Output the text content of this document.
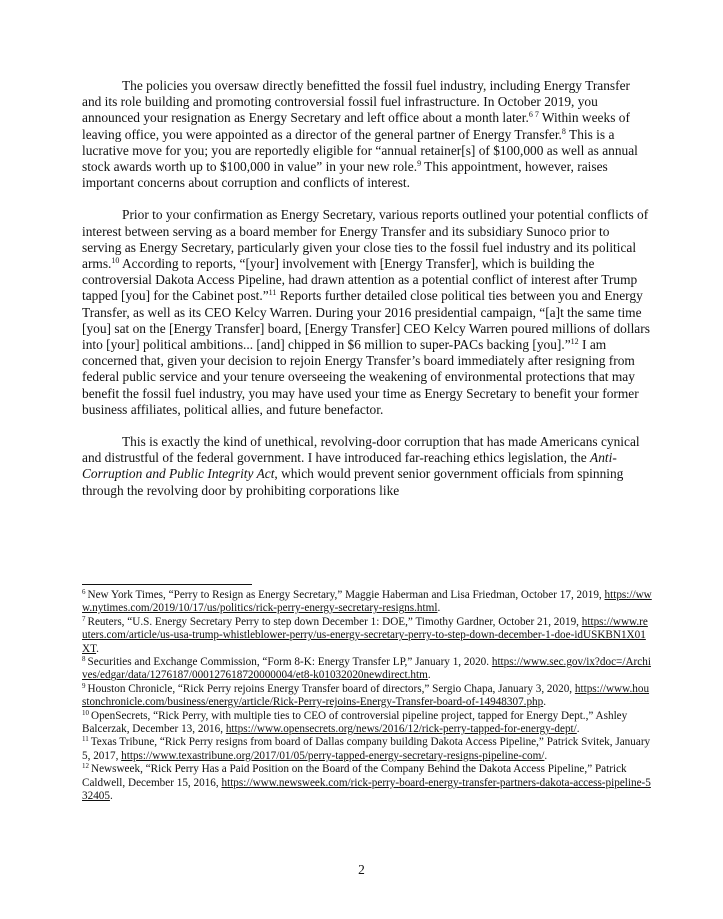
The policies you oversaw directly benefitted the fossil fuel industry, including Energy Transfer and its role building and promoting controversial fossil fuel infrastructure. In October 2019, you announced your resignation as Energy Secretary and left office about a month later.$^{6 7}$ Within weeks of leaving office, you were appointed as a director of the general partner of Energy Transfer.$^8$ This is a lucrative move for you; you are reportedly eligible for “annual retainer[s] of $100,000 as well as annual stock awards worth up to $100,000 in value” in your new role.$^9$ This appointment, however, raises important concerns about corruption and conflicts of interest.

Prior to your confirmation as Energy Secretary, various reports outlined your potential conflicts of interest between serving as a board member for Energy Transfer and its subsidiary Sunoco prior to serving as Energy Secretary, particularly given your close ties to the fossil fuel industry and its political arms.$^{10}$ According to reports, “[your] involvement with [Energy Transfer], which is building the controversial Dakota Access Pipeline, had drawn attention as a potential conflict of interest after Trump tapped [you] for the Cabinet post.”$^{11}$ Reports further detailed close political ties between you and Energy Transfer, as well as its CEO Kelcy Warren. During your 2016 presidential campaign, “[a]t the same time [you] sat on the [Energy Transfer] board, [Energy Transfer] CEO Kelcy Warren poured millions of dollars into [your] political ambitions... [and] chipped in $6 million to super-PACs backing [you].”$^{12}$ I am concerned that, given your decision to rejoin Energy Transfer’s board immediately after resigning from federal public service and your tenure overseeing the weakening of environmental protections that may benefit the fossil fuel industry, you may have used your time as Energy Secretary to benefit your former business affiliates, political allies, and future benefactor.

This is exactly the kind of unethical, revolving-door corruption that has made Americans cynical and distrustful of the federal government. I have introduced far-reaching ethics legislation, the Anti-Corruption and Public Integrity Act, which would prevent senior government officials from spinning through the revolving door by prohibiting corporations like

$^6$ New York Times, “Perry to Resign as Energy Secretary,” Maggie Haberman and Lisa Friedman, October 17, 2019, https://www.nytimes.com/2019/10/17/us/politics/rick-perry-energy-secretary-resigns.html.
$^7$ Reuters, “U.S. Energy Secretary Perry to step down December 1: DOE,” Timothy Gardner, October 21, 2019, https://www.reuters.com/article/us-usa-trump-whistleblower-perry/us-energy-secretary-perry-to-step-down-december-1-doe-idUSKBN1X01XT.
$^8$ Securities and Exchange Commission, “Form 8-K: Energy Transfer LP,” January 1, 2020. https://www.sec.gov/ix?doc=/Archives/edgar/data/1276187/000127618720000004/et8-k01032020newdirect.htm.
$^9$ Houston Chronicle, “Rick Perry rejoins Energy Transfer board of directors,” Sergio Chapa, January 3, 2020, https://www.houstonchronicle.com/business/energy/article/Rick-Perry-rejoins-Energy-Transfer-board-of-14948307.php.
$^{10}$ OpenSecrets, “Rick Perry, with multiple ties to CEO of controversial pipeline project, tapped for Energy Dept.,” Ashley Balcerzak, December 13, 2016, https://www.opensecrets.org/news/2016/12/rick-perry-tapped-for-energy-dept/.
$^{11}$ Texas Tribune, “Rick Perry resigns from board of Dallas company building Dakota Access Pipeline,” Patrick Svitek, January 5, 2017, https://www.texastribune.org/2017/01/05/perry-tapped-energy-secretary-resigns-pipeline-com/.
$^{12}$ Newsweek, “Rick Perry Has a Paid Position on the Board of the Company Behind the Dakota Access Pipeline,” Patrick Caldwell, December 15, 2016, https://www.newsweek.com/rick-perry-board-energy-transfer-partners-dakota-access-pipeline-532405.
2
